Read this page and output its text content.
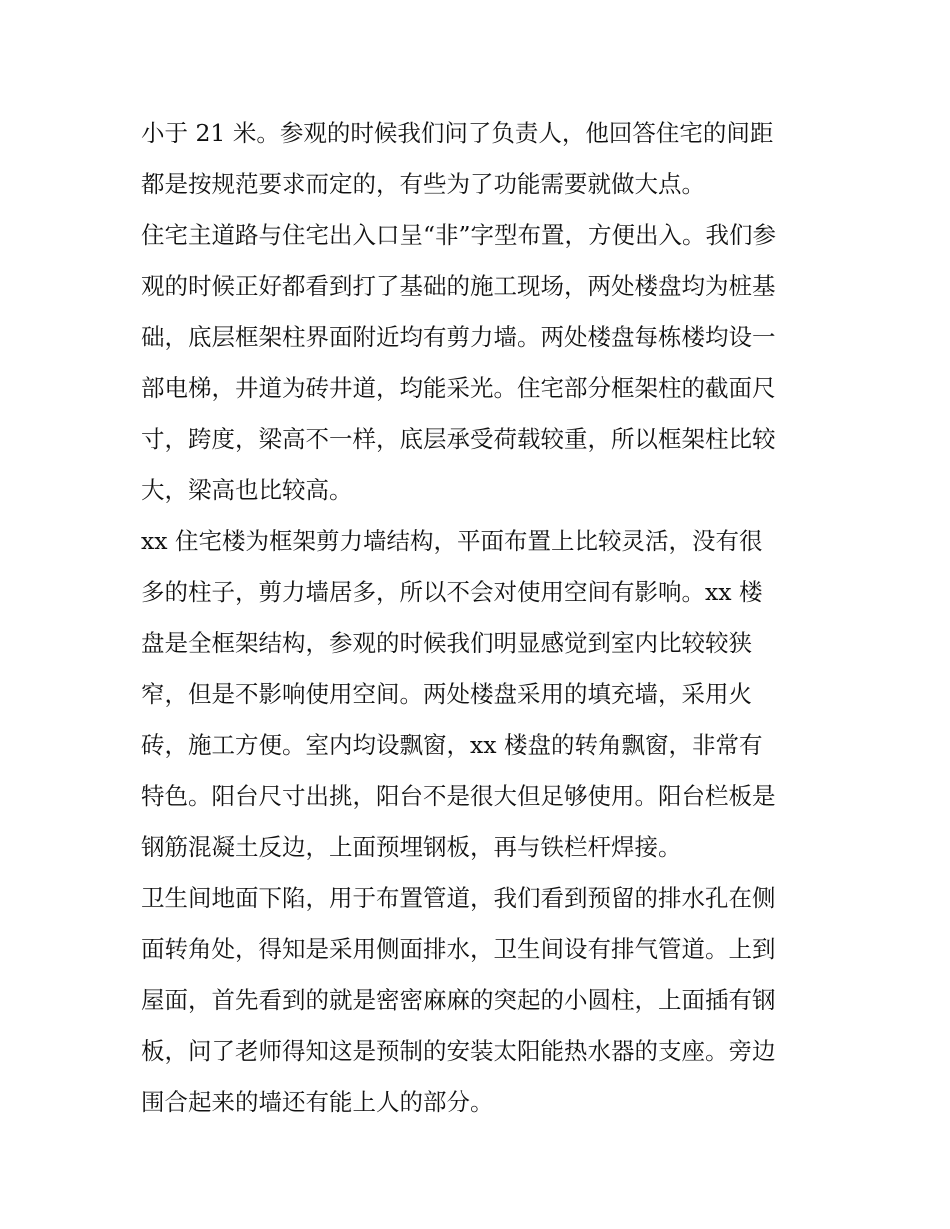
小于 21 米。参观的时候我们问了负责人，他回答住宅的间距
都是按规范要求而定的，有些为了功能需要就做大点。
住宅主道路与住宅出入口呈“非”字型布置，方便出入。我们参
观的时候正好都看到打了基础的施工现场，两处楼盘均为桩基
础，底层框架柱界面附近均有剪力墙。两处楼盘每栋楼均设一
部电梯，井道为砖井道，均能采光。住宅部分框架柱的截面尺
寸，跨度，梁高不一样，底层承受荷载较重，所以框架柱比较
大，梁高也比较高。
xx 住宅楼为框架剪力墙结构，平面布置上比较灵活，没有很
多的柱子，剪力墙居多，所以不会对使用空间有影响。xx 楼
盘是全框架结构，参观的时候我们明显感觉到室内比较较狭
窄，但是不影响使用空间。两处楼盘采用的填充墙，采用火
砖，施工方便。室内均设飘窗，xx 楼盘的转角飘窗，非常有
特色。阳台尺寸出挑，阳台不是很大但足够使用。阳台栏板是
钢筋混凝土反边，上面预埋钢板，再与铁栏杆焊接。
卫生间地面下陷，用于布置管道，我们看到预留的排水孔在侧
面转角处，得知是采用侧面排水，卫生间设有排气管道。上到
屋面，首先看到的就是密密麻麻的突起的小圆柱，上面插有钢
板，问了老师得知这是预制的安装太阳能热水器的支座。旁边
围合起来的墙还有能上人的部分。
